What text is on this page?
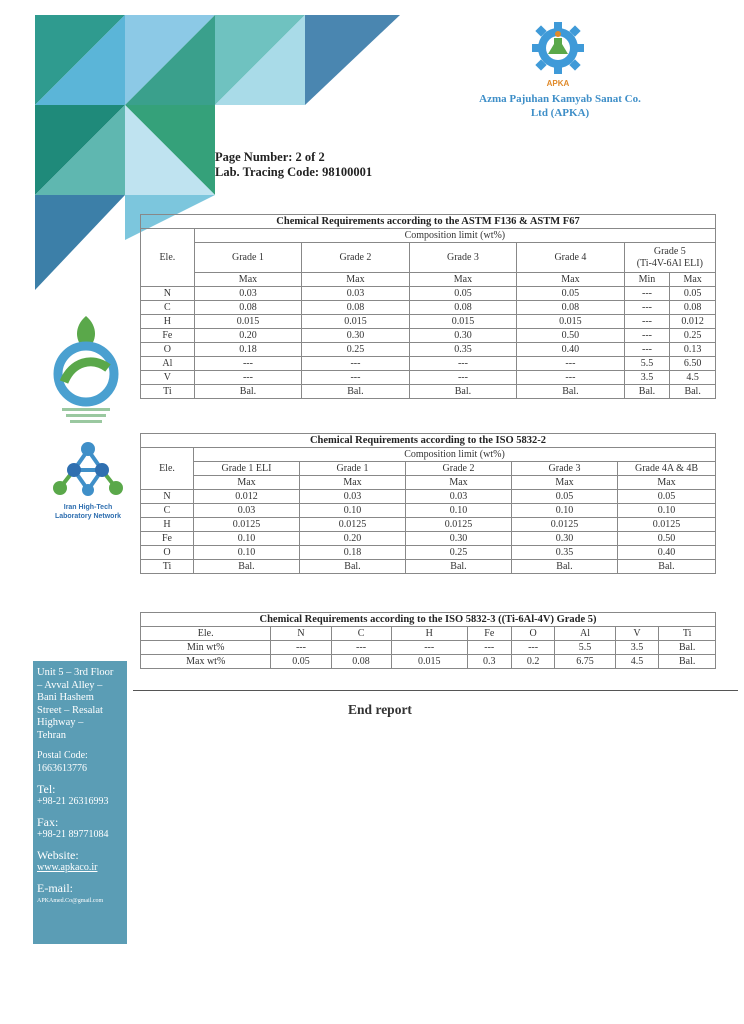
APKA
Azma Pajuhan Kamyab Sanat Co.
Ltd (APKA)
Page Number: 2 of 2
Lab. Tracing Code: 98100001
Iran High-Tech
Laboratory Network
Chemical Requirements according to the ASTM F136 & ASTM F67						
Ele.	Composition limit (wt%)					
	Grade 1	Grade 2	Grade 3	Grade 4	Grade 5
(Ti-4V-6Al ELI)	

	Max	Max	Max	Max	Min	Max
N	0.03	0.03	0.05	0.05	---	0.05
C	0.08	0.08	0.08	0.08	---	0.08
H	0.015	0.015	0.015	0.015	---	0.012
Fe	0.20	0.30	0.30	0.50	---	0.25
O	0.18	0.25	0.35	0.40	---	0.13
Al	---	---	---	---	5.5	6.50
V	---	---	---	---	3.5	4.5
Ti	Bal.	Bal.	Bal.	Bal.	Bal.	Bal.
Chemical Requirements according to the ISO 5832-2					
Ele.	Composition limit (wt%)				
	Grade 1 ELI	Grade 1	Grade 2	Grade 3	Grade 4A & 4B
	Max	Max	Max	Max	Max
N	0.012	0.03	0.03	0.05	0.05
C	0.03	0.10	0.10	0.10	0.10
H	0.0125	0.0125	0.0125	0.0125	0.0125
Fe	0.10	0.20	0.30	0.30	0.50
O	0.10	0.18	0.25	0.35	0.40
Ti	Bal.	Bal.	Bal.	Bal.	Bal.
Chemical Requirements according to the ISO 5832-3 ((Ti-6Al-4V) Grade 5)								
Ele.	N	C	H	Fe	O	Al	V	Ti
Min wt%	---	---	---	---	---	5.5	3.5	Bal.
Max wt%	0.05	0.08	0.015	0.3	0.2	6.75	4.5	Bal.
End report
Unit 5 – 3rd Floor
– Avval Alley –
Bani Hashem
Street – Resalat
Highway –
Tehran
Postal Code:
1663613776
Tel:
+98-21 26316993
Fax:
+98-21 89771084
Website:
www.apkaco.ir
E-mail:
APKAmed.Co@gmail.com
